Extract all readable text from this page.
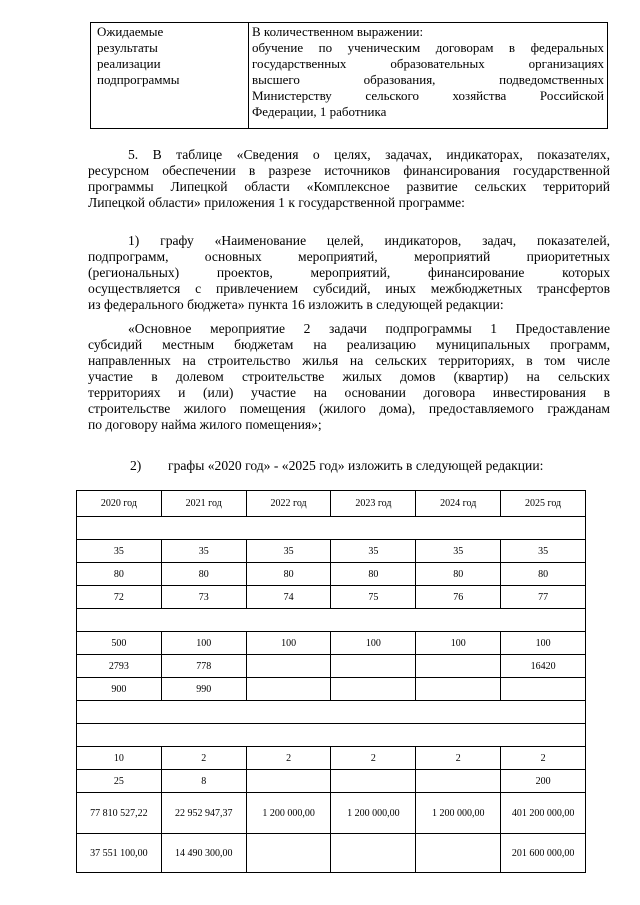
Ожидаемые
результаты
реализации
подпрограммы

В количественном выражении:
обучение по ученическим договорам в федеральных
государственных образовательных организациях
высшего образования, подведомственных
Министерству сельского хозяйства Российской
Федерации, 1 работника
5. В таблице «Сведения о целях, задачах, индикаторах, показателях,
ресурсном обеспечении в разрезе источников финансирования государственной
программы Липецкой области «Комплексное развитие сельских территорий
Липецкой области» приложения 1 к государственной программе:
1) графу «Наименование целей, индикаторов, задач, показателей,
подпрограмм, основных мероприятий, мероприятий приоритетных
(региональных) проектов, мероприятий, финансирование которых
осуществляется с привлечением субсидий, иных межбюджетных трансфертов
из федерального бюджета» пункта 16 изложить в следующей редакции:
«Основное мероприятие 2 задачи подпрограммы 1 Предоставление
субсидий местным бюджетам на реализацию муниципальных программ,
направленных на строительство жилья на сельских территориях, в том числе
участие в долевом строительстве жилых домов (квартир) на сельских
территориях и (или) участие на основании договора инвестирования в
строительстве жилого помещения (жилого дома), предоставляемого гражданам
по договору найма жилого помещения»;
2) графы «2020 год» - «2025 год» изложить в следующей редакции:
2020 год	2021 год	2022 год	2023 год	2024 год	2025 год

35	35	35	35	35	35
80	80	80	80	80	80
72	73	74	75	76	77

500	100	100	100	100	100
2793	778				16420
900	990				

10	2	2	2	2	2
25	8				200
77 810 527,22	22 952 947,37	1 200 000,00	1 200 000,00	1 200 000,00	401 200 000,00
37 551 100,00	14 490 300,00				201 600 000,00
